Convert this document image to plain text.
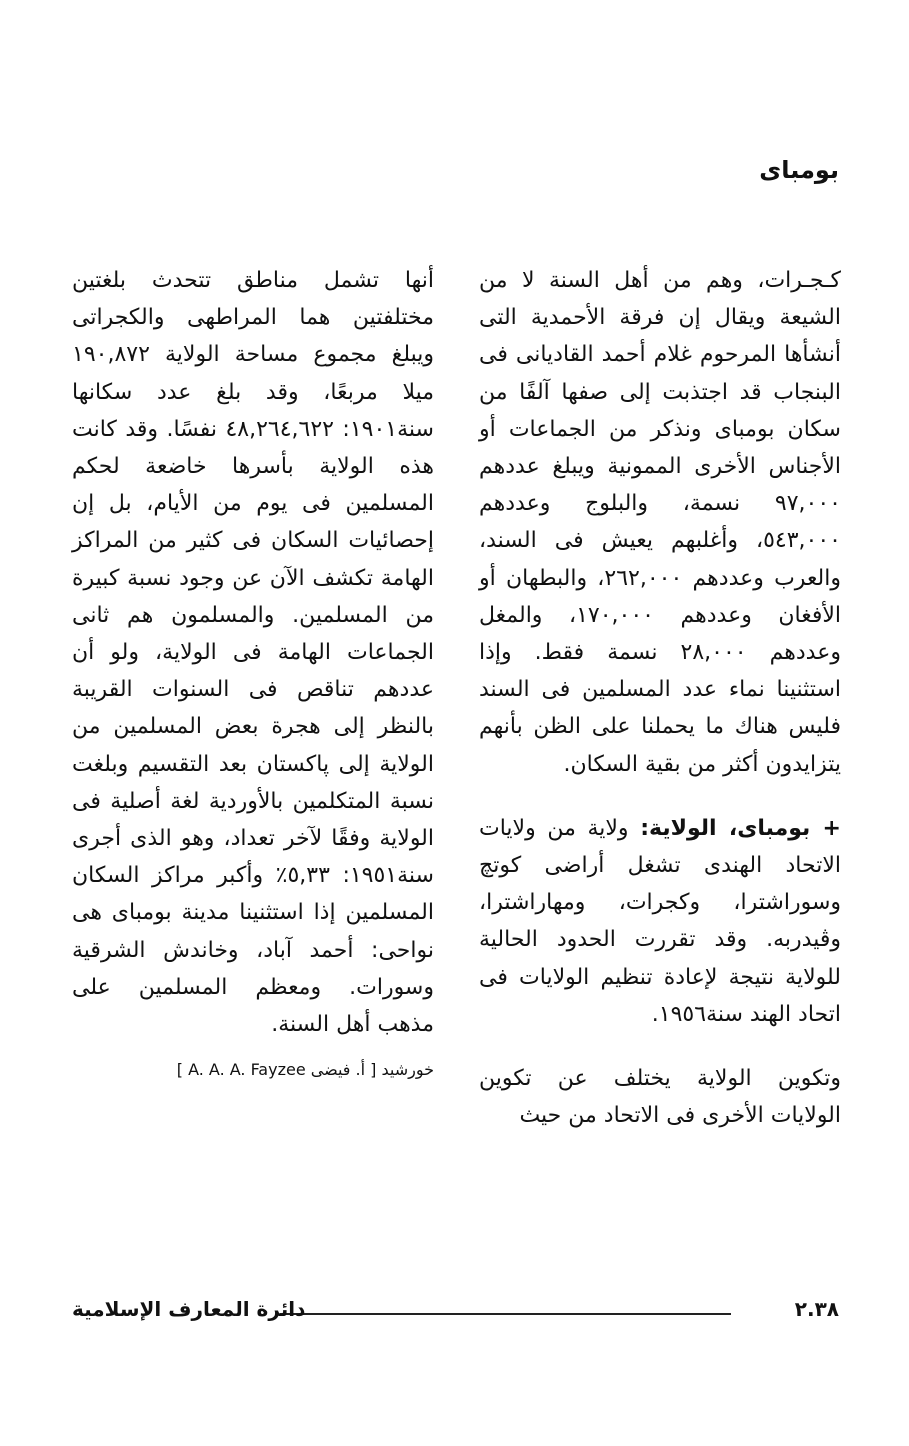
بومباى

كـجـرات، وهم من أهل السنة لا من الشيعة ويقال إن فرقة الأحمدية التى أنشأها المرحوم غلام أحمد القاديانى فى البنجاب قد اجتذبت إلى صفها آلفًا من سكان بومباى ونذكر من الجماعات أو الأجناس الأخرى الممونية ويبلغ عددهم ٩٧,٠٠٠ نسمة، والبلوج وعددهم ٥٤٣,٠٠٠، وأغلبهم يعيش فى السند، والعرب وعددهم ٢٦٢,٠٠٠، والبطهان أو الأفغان وعددهم ١٧٠,٠٠٠، والمغل وعددهم ٢٨,٠٠٠ نسمة فقط. وإذا استثنينا نماء عدد المسلمين فى السند فليس هناك ما يحملنا على الظن بأنهم يتزايدون أكثر من بقية السكان.

+ بومباى، الولاية: ولاية من ولايات الاتحاد الهندى تشغل أراضى كوتچ وسوراشترا، وكجرات، ومهاراشترا، وڤيدربه. وقد تقررت الحدود الحالية للولاية نتيجة لإعادة تنظيم الولايات فى اتحاد الهند سنة١٩٥٦.

وتكوين الولاية يختلف عن تكوين الولايات الأخرى فى الاتحاد من حيث

أنها تشمل مناطق تتحدث بلغتين مختلفتين هما المراطهى والكجراتى ويبلغ مجموع مساحة الولاية ١٩٠,٨٧٢ ميلا مربعًا، وقد بلغ عدد سكانها سنة١٩٠١: ٤٨,٢٦٤,٦٢٢ نفسًا. وقد كانت هذه الولاية بأسرها خاضعة لحكم المسلمين فى يوم من الأيام، بل إن إحصائيات السكان فى كثير من المراكز الهامة تكشف الآن عن وجود نسبة كبيرة من المسلمين. والمسلمون هم ثانى الجماعات الهامة فى الولاية، ولو أن عددهم تناقص فى السنوات القريبة بالنظر إلى هجرة بعض المسلمين من الولاية إلى پاكستان بعد التقسيم وبلغت نسبة المتكلمين بالأوردية لغة أصلية فى الولاية وفقًا لآخر تعداد، وهو الذى أجرى سنة١٩٥١: ٥,٣٣٪ وأكبر مراكز السكان المسلمين إذا استثنينا مدينة بومباى هى نواحى: أحمد آباد، وخاندش الشرقية وسورات. ومعظم المسلمين على مذهب أهل السنة.

خورشيد [ أ. فيضى A. A. A. Fayzee ]

٢.٣٨
دائرة المعارف الإسلامية
